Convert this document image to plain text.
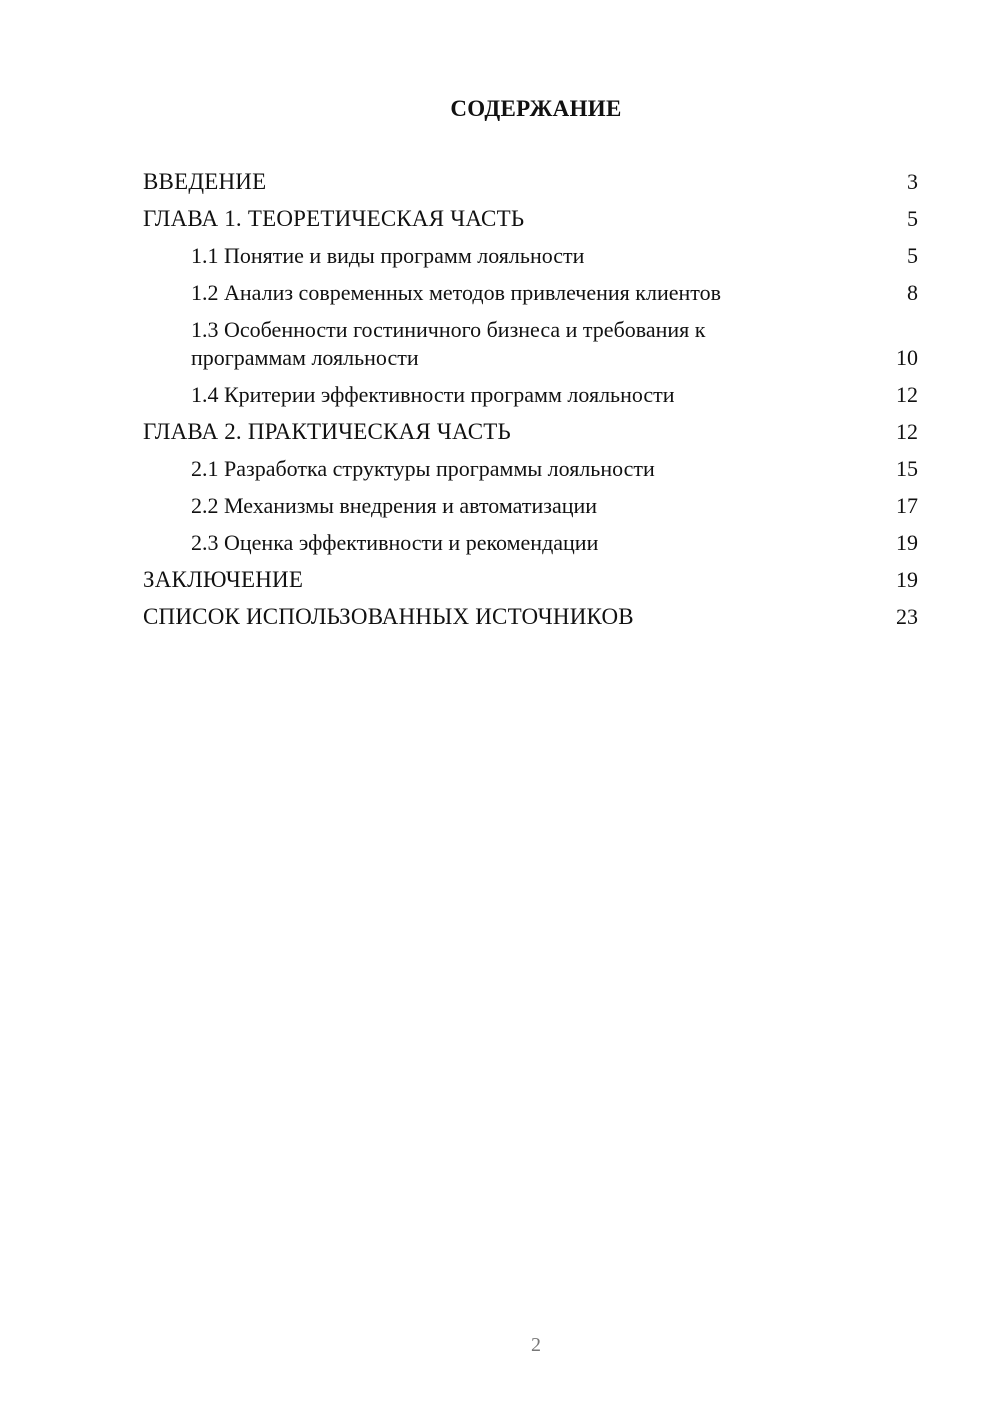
СОДЕРЖАНИЕ
ВВЕДЕНИЕ	3
ГЛАВА 1. ТЕОРЕТИЧЕСКАЯ ЧАСТЬ	5
1.1 Понятие и виды программ лояльности	5
1.2 Анализ современных методов привлечения клиентов	8
1.3 Особенности гостиничного бизнеса и требования к программам лояльности	10
1.4 Критерии эффективности программ лояльности	12
ГЛАВА 2. ПРАКТИЧЕСКАЯ ЧАСТЬ	12
2.1 Разработка структуры программы лояльности	15
2.2 Механизмы внедрения и автоматизации	17
2.3 Оценка эффективности и рекомендации	19
ЗАКЛЮЧЕНИЕ	19
СПИСОК ИСПОЛЬЗОВАННЫХ ИСТОЧНИКОВ	23
2
